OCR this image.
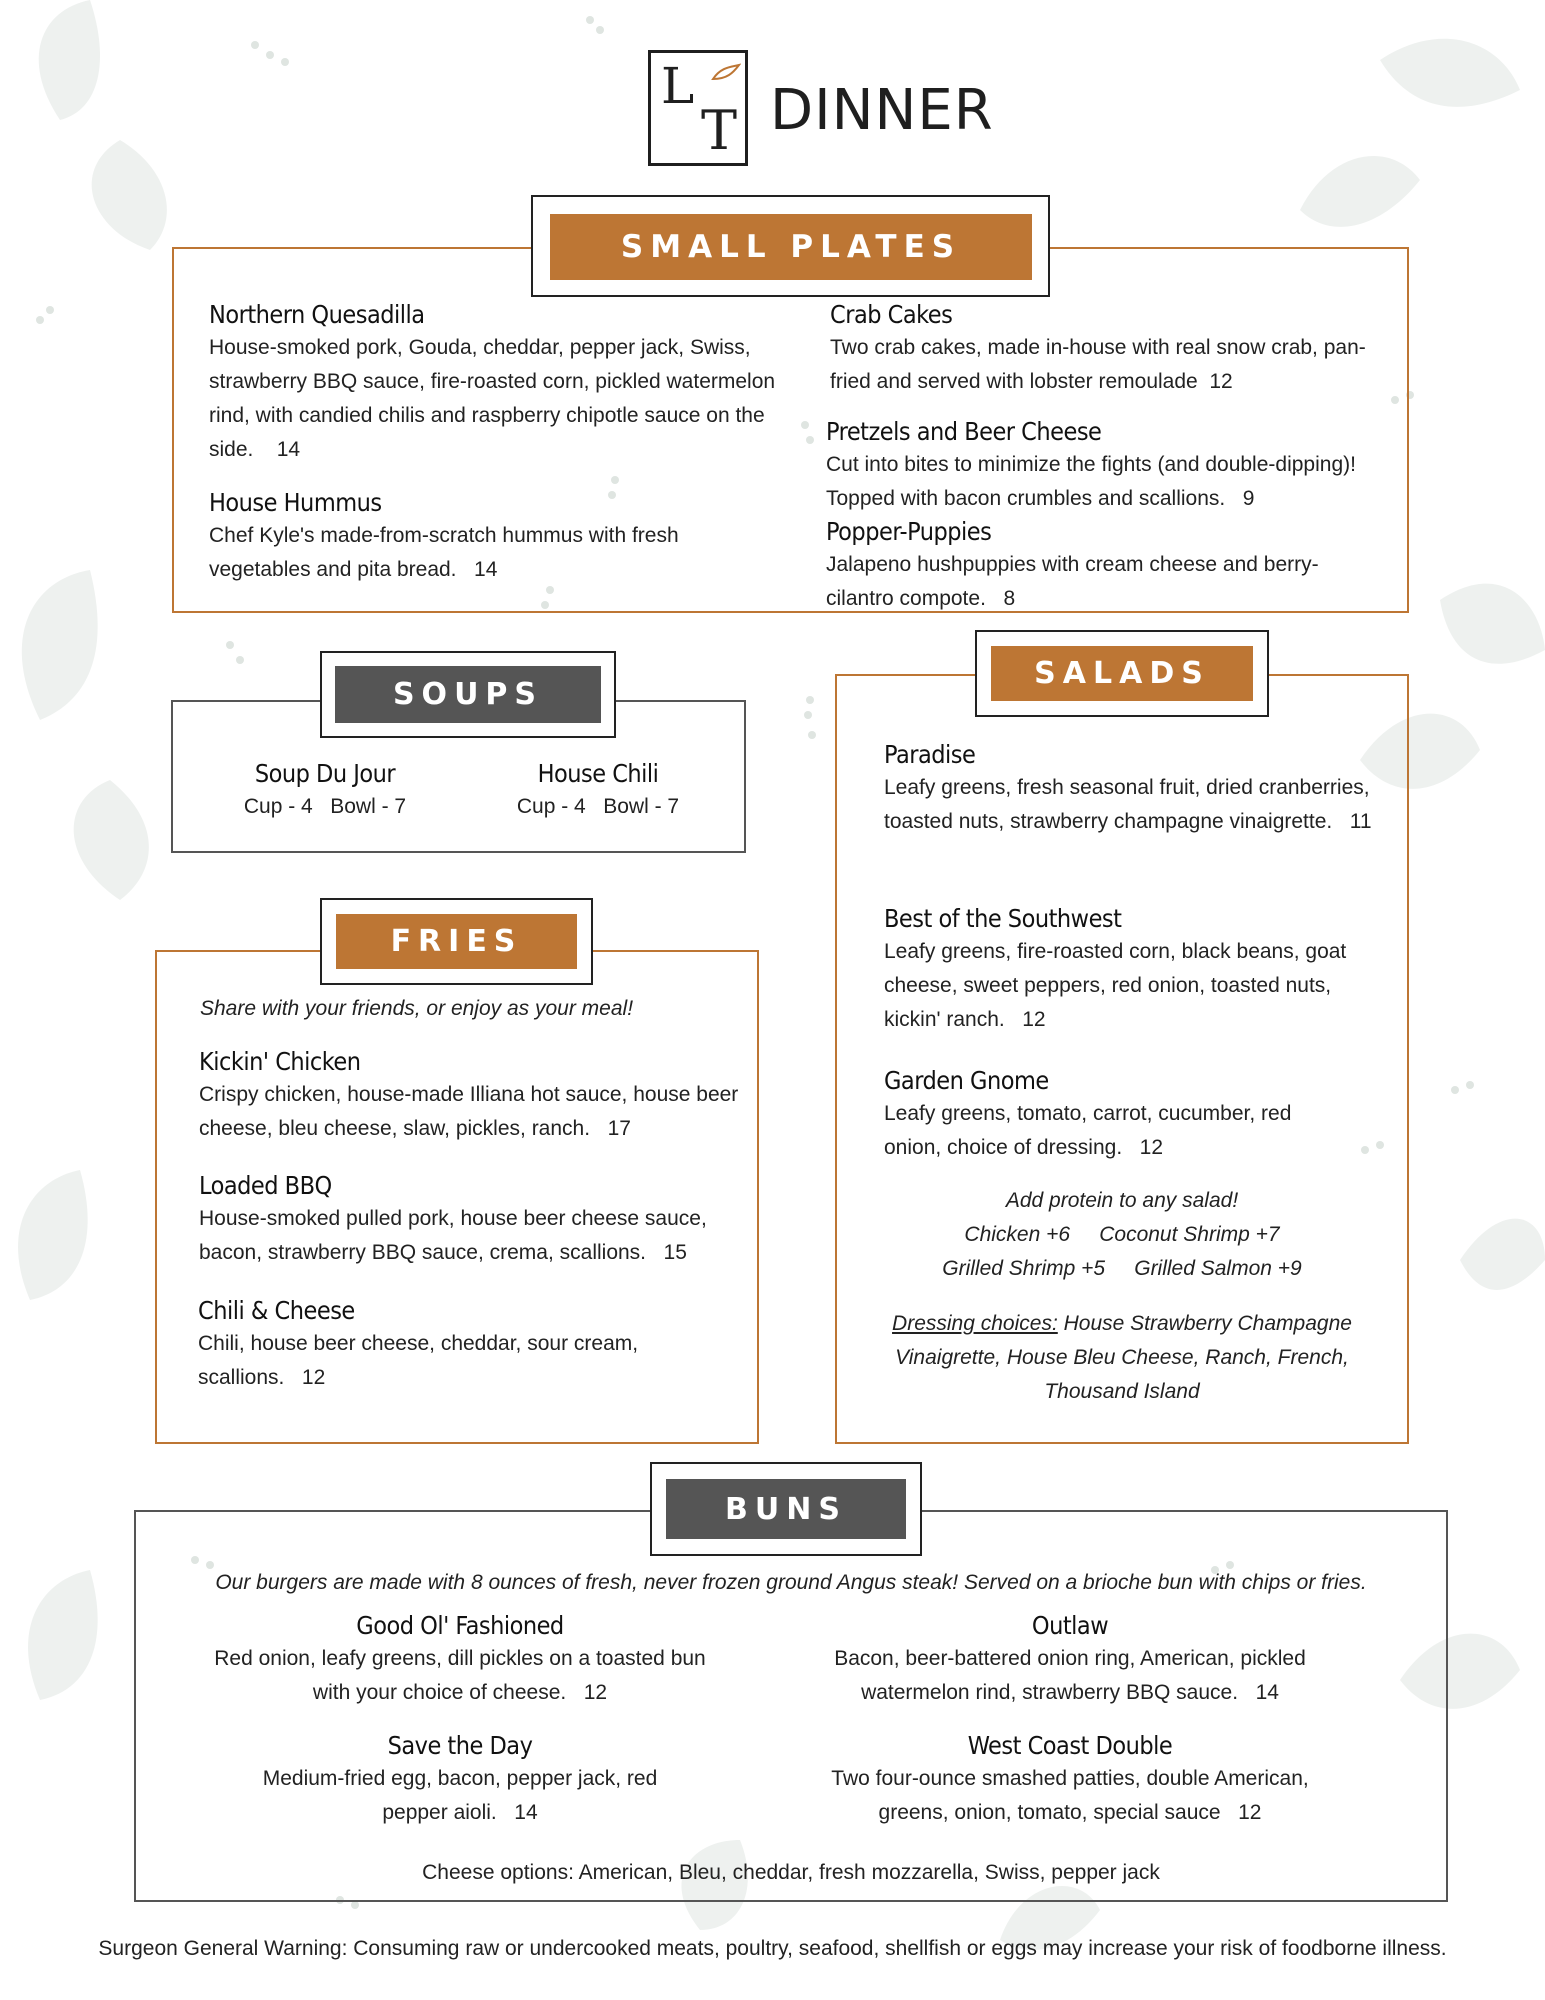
L
T DINNER
SMALL PLATES
Northern Quesadilla
House-smoked pork, Gouda, cheddar, pepper jack, Swiss, strawberry BBQ sauce, fire-roasted corn, pickled watermelon rind, with candied chilis and raspberry chipotle sauce on the side. 14
House Hummus
Chef Kyle's made-from-scratch hummus with fresh vegetables and pita bread. 14
Crab Cakes
Two crab cakes, made in-house with real snow crab, pan-fried and served with lobster remoulade 12
Pretzels and Beer Cheese
Cut into bites to minimize the fights (and double-dipping)! Topped with bacon crumbles and scallions. 9
Popper-Puppies
Jalapeno hushpuppies with cream cheese and berry-cilantro compote. 8
SOUPS
Soup Du Jour
Cup - 4   Bowl - 7
House Chili
Cup - 4   Bowl - 7
FRIES
Share with your friends, or enjoy as your meal!
Kickin' Chicken
Crispy chicken, house-made Illiana hot sauce, house beer cheese, bleu cheese, slaw, pickles, ranch. 17
Loaded BBQ
House-smoked pulled pork, house beer cheese sauce, bacon, strawberry BBQ sauce, crema, scallions. 15
Chili & Cheese
Chili, house beer cheese, cheddar, sour cream, scallions. 12
SALADS
Paradise
Leafy greens, fresh seasonal fruit, dried cranberries, toasted nuts, strawberry champagne vinaigrette. 11
Best of the Southwest
Leafy greens, fire-roasted corn, black beans, goat cheese, sweet peppers, red onion, toasted nuts, kickin' ranch. 12
Garden Gnome
Leafy greens, tomato, carrot, cucumber, red onion, choice of dressing. 12
Add protein to any salad!
Chicken +6     Coconut Shrimp +7
Grilled Shrimp +5     Grilled Salmon +9
Dressing choices: House Strawberry Champagne Vinaigrette, House Bleu Cheese, Ranch, French, Thousand Island
BUNS
Our burgers are made with 8 ounces of fresh, never frozen ground Angus steak! Served on a brioche bun with chips or fries.
Good Ol' Fashioned
Red onion, leafy greens, dill pickles on a toasted bun with your choice of cheese. 12
Outlaw
Bacon, beer-battered onion ring, American, pickled watermelon rind, strawberry BBQ sauce. 14
Save the Day
Medium-fried egg, bacon, pepper jack, red pepper aioli. 14
West Coast Double
Two four-ounce smashed patties, double American, greens, onion, tomato, special sauce 12
Cheese options: American, Bleu, cheddar, fresh mozzarella, Swiss, pepper jack
Surgeon General Warning: Consuming raw or undercooked meats, poultry, seafood, shellfish or eggs may increase your risk of foodborne illness.
